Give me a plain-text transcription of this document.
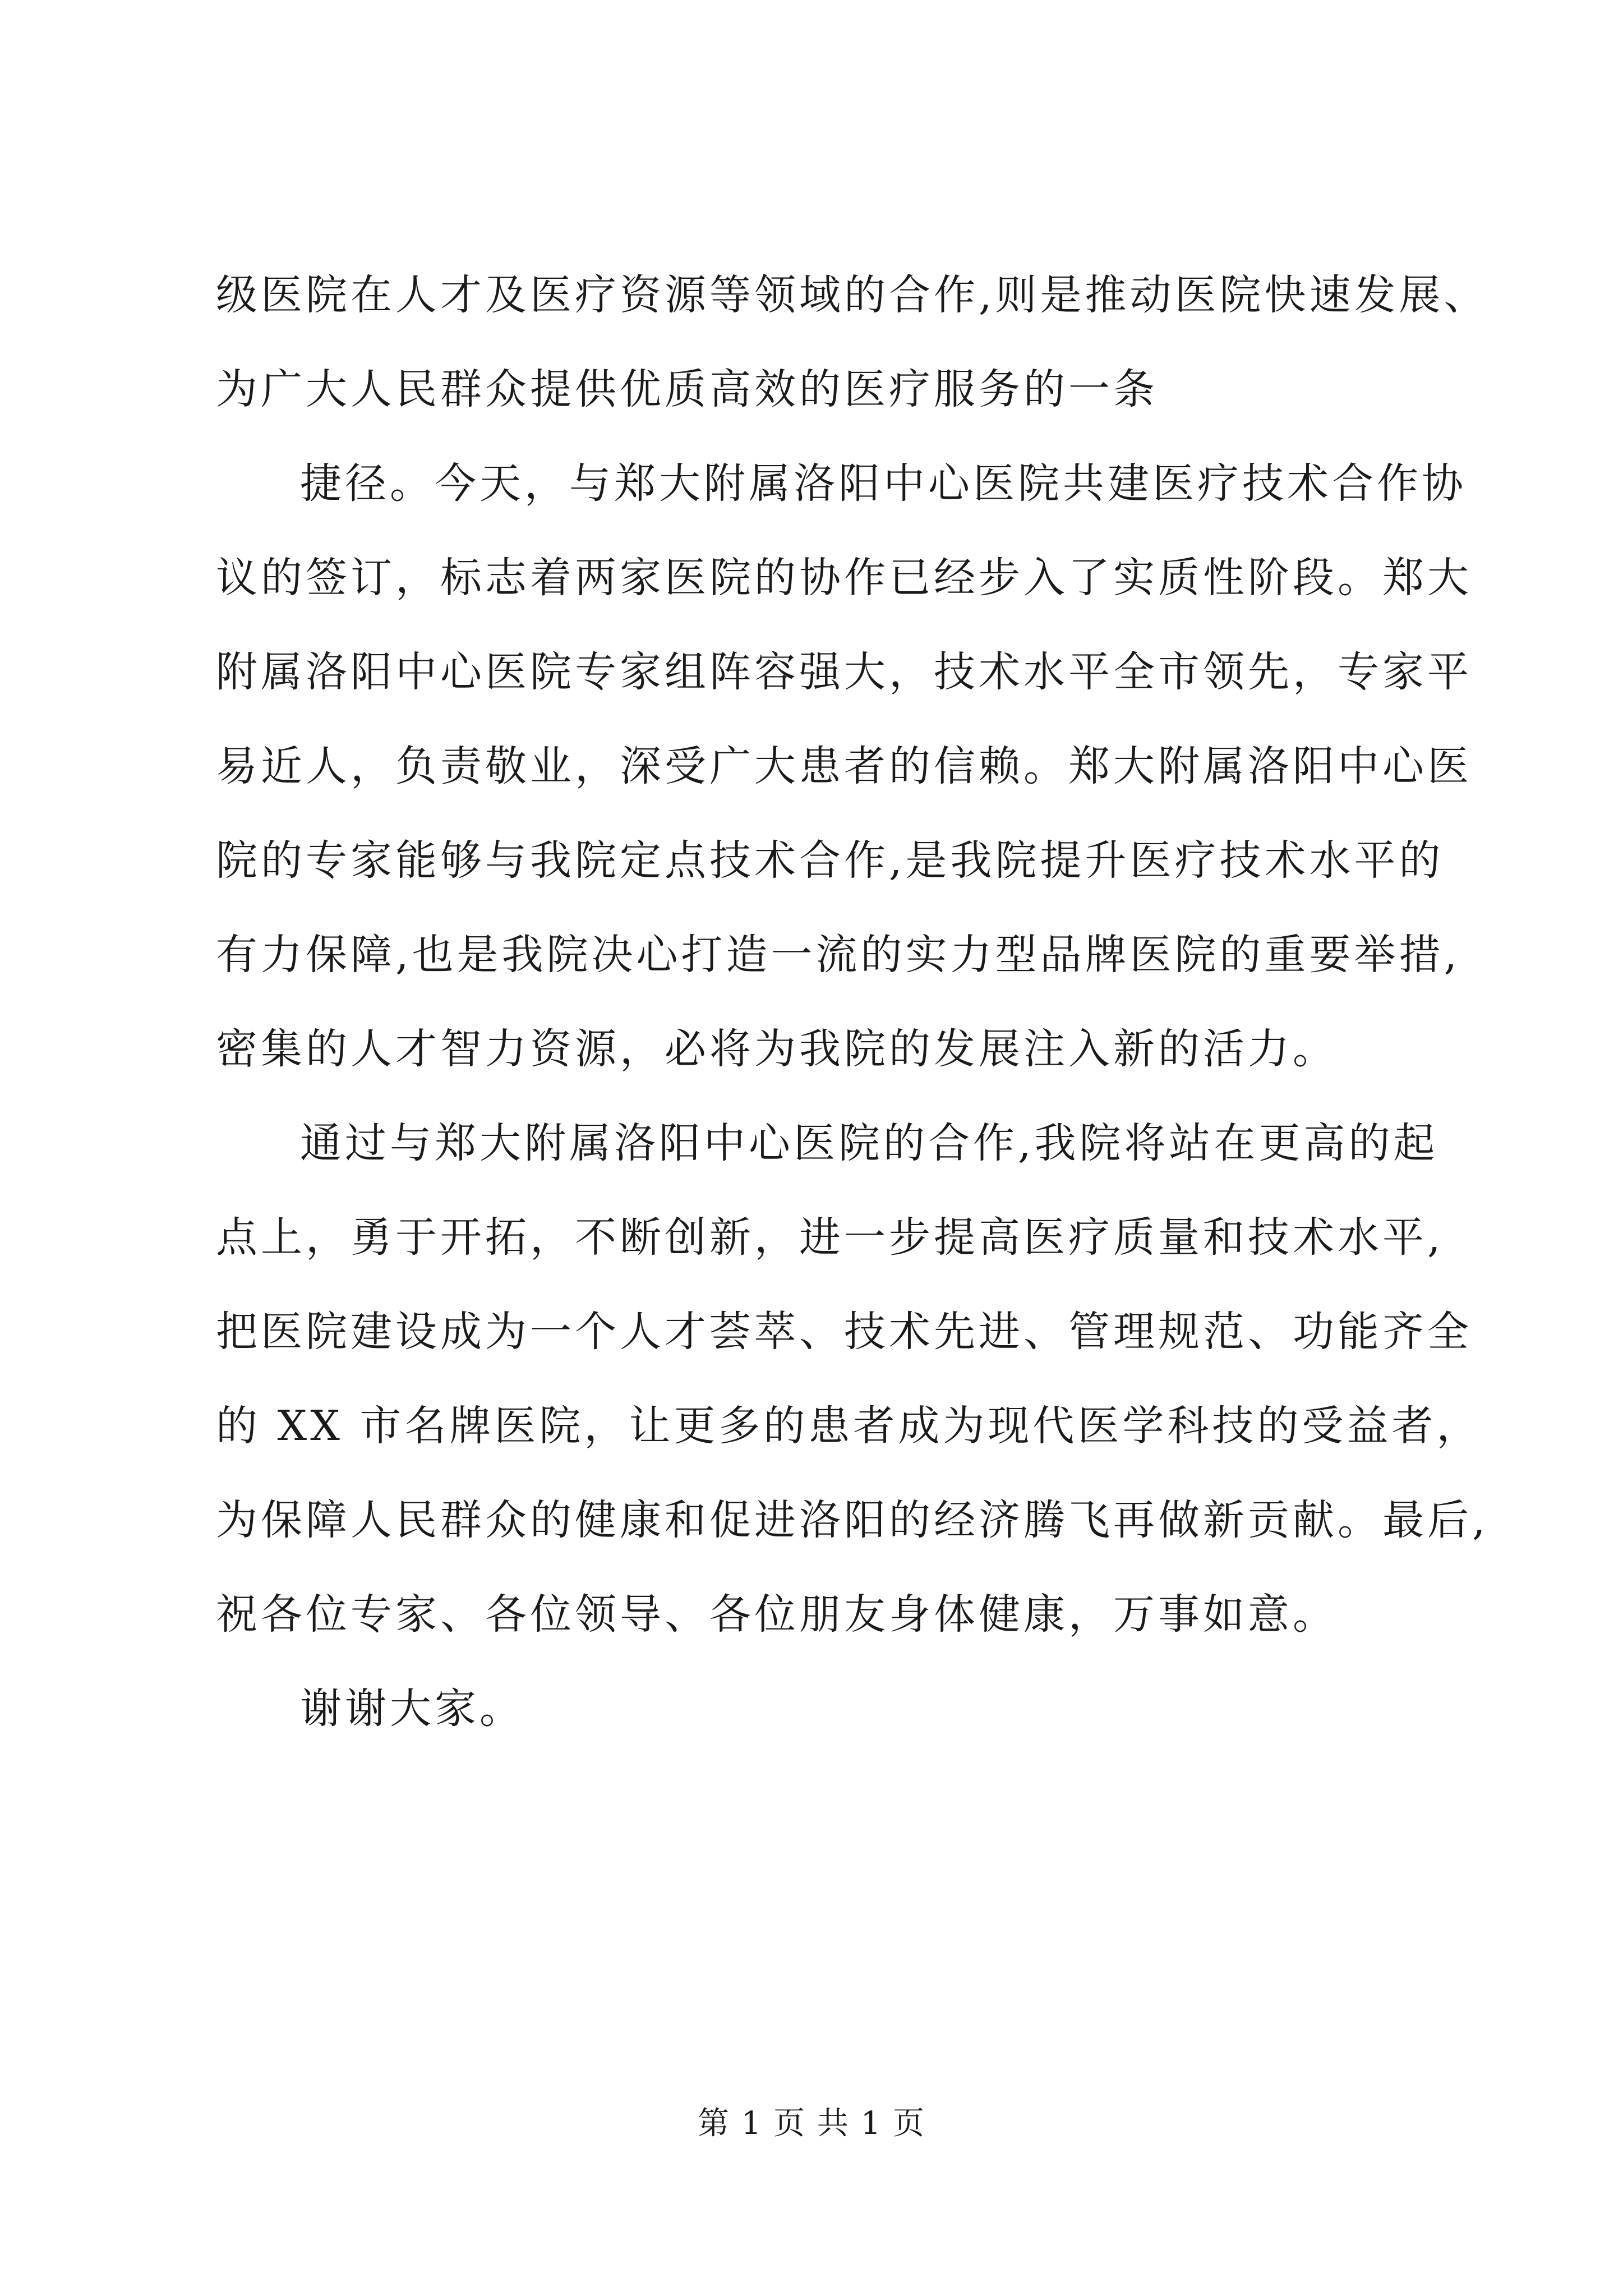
级医院在人才及医疗资源等领域的合作,则是推动医院快速发展、
为广大人民群众提供优质高效的医疗服务的一条
捷径。今天，与郑大附属洛阳中心医院共建医疗技术合作协
议的签订，标志着两家医院的协作已经步入了实质性阶段。郑大
附属洛阳中心医院专家组阵容强大，技术水平全市领先，专家平
易近人，负责敬业，深受广大患者的信赖。郑大附属洛阳中心医
院的专家能够与我院定点技术合作,是我院提升医疗技术水平的
有力保障,也是我院决心打造一流的实力型品牌医院的重要举措,
密集的人才智力资源，必将为我院的发展注入新的活力。
通过与郑大附属洛阳中心医院的合作,我院将站在更高的起
点上，勇于开拓，不断创新，进一步提高医疗质量和技术水平,
把医院建设成为一个人才荟萃、技术先进、管理规范、功能齐全
的 XX 市名牌医院，让更多的患者成为现代医学科技的受益者，
为保障人民群众的健康和促进洛阳的经济腾飞再做新贡献。最后,
祝各位专家、各位领导、各位朋友身体健康，万事如意。
谢谢大家。
第 1 页 共 1 页
